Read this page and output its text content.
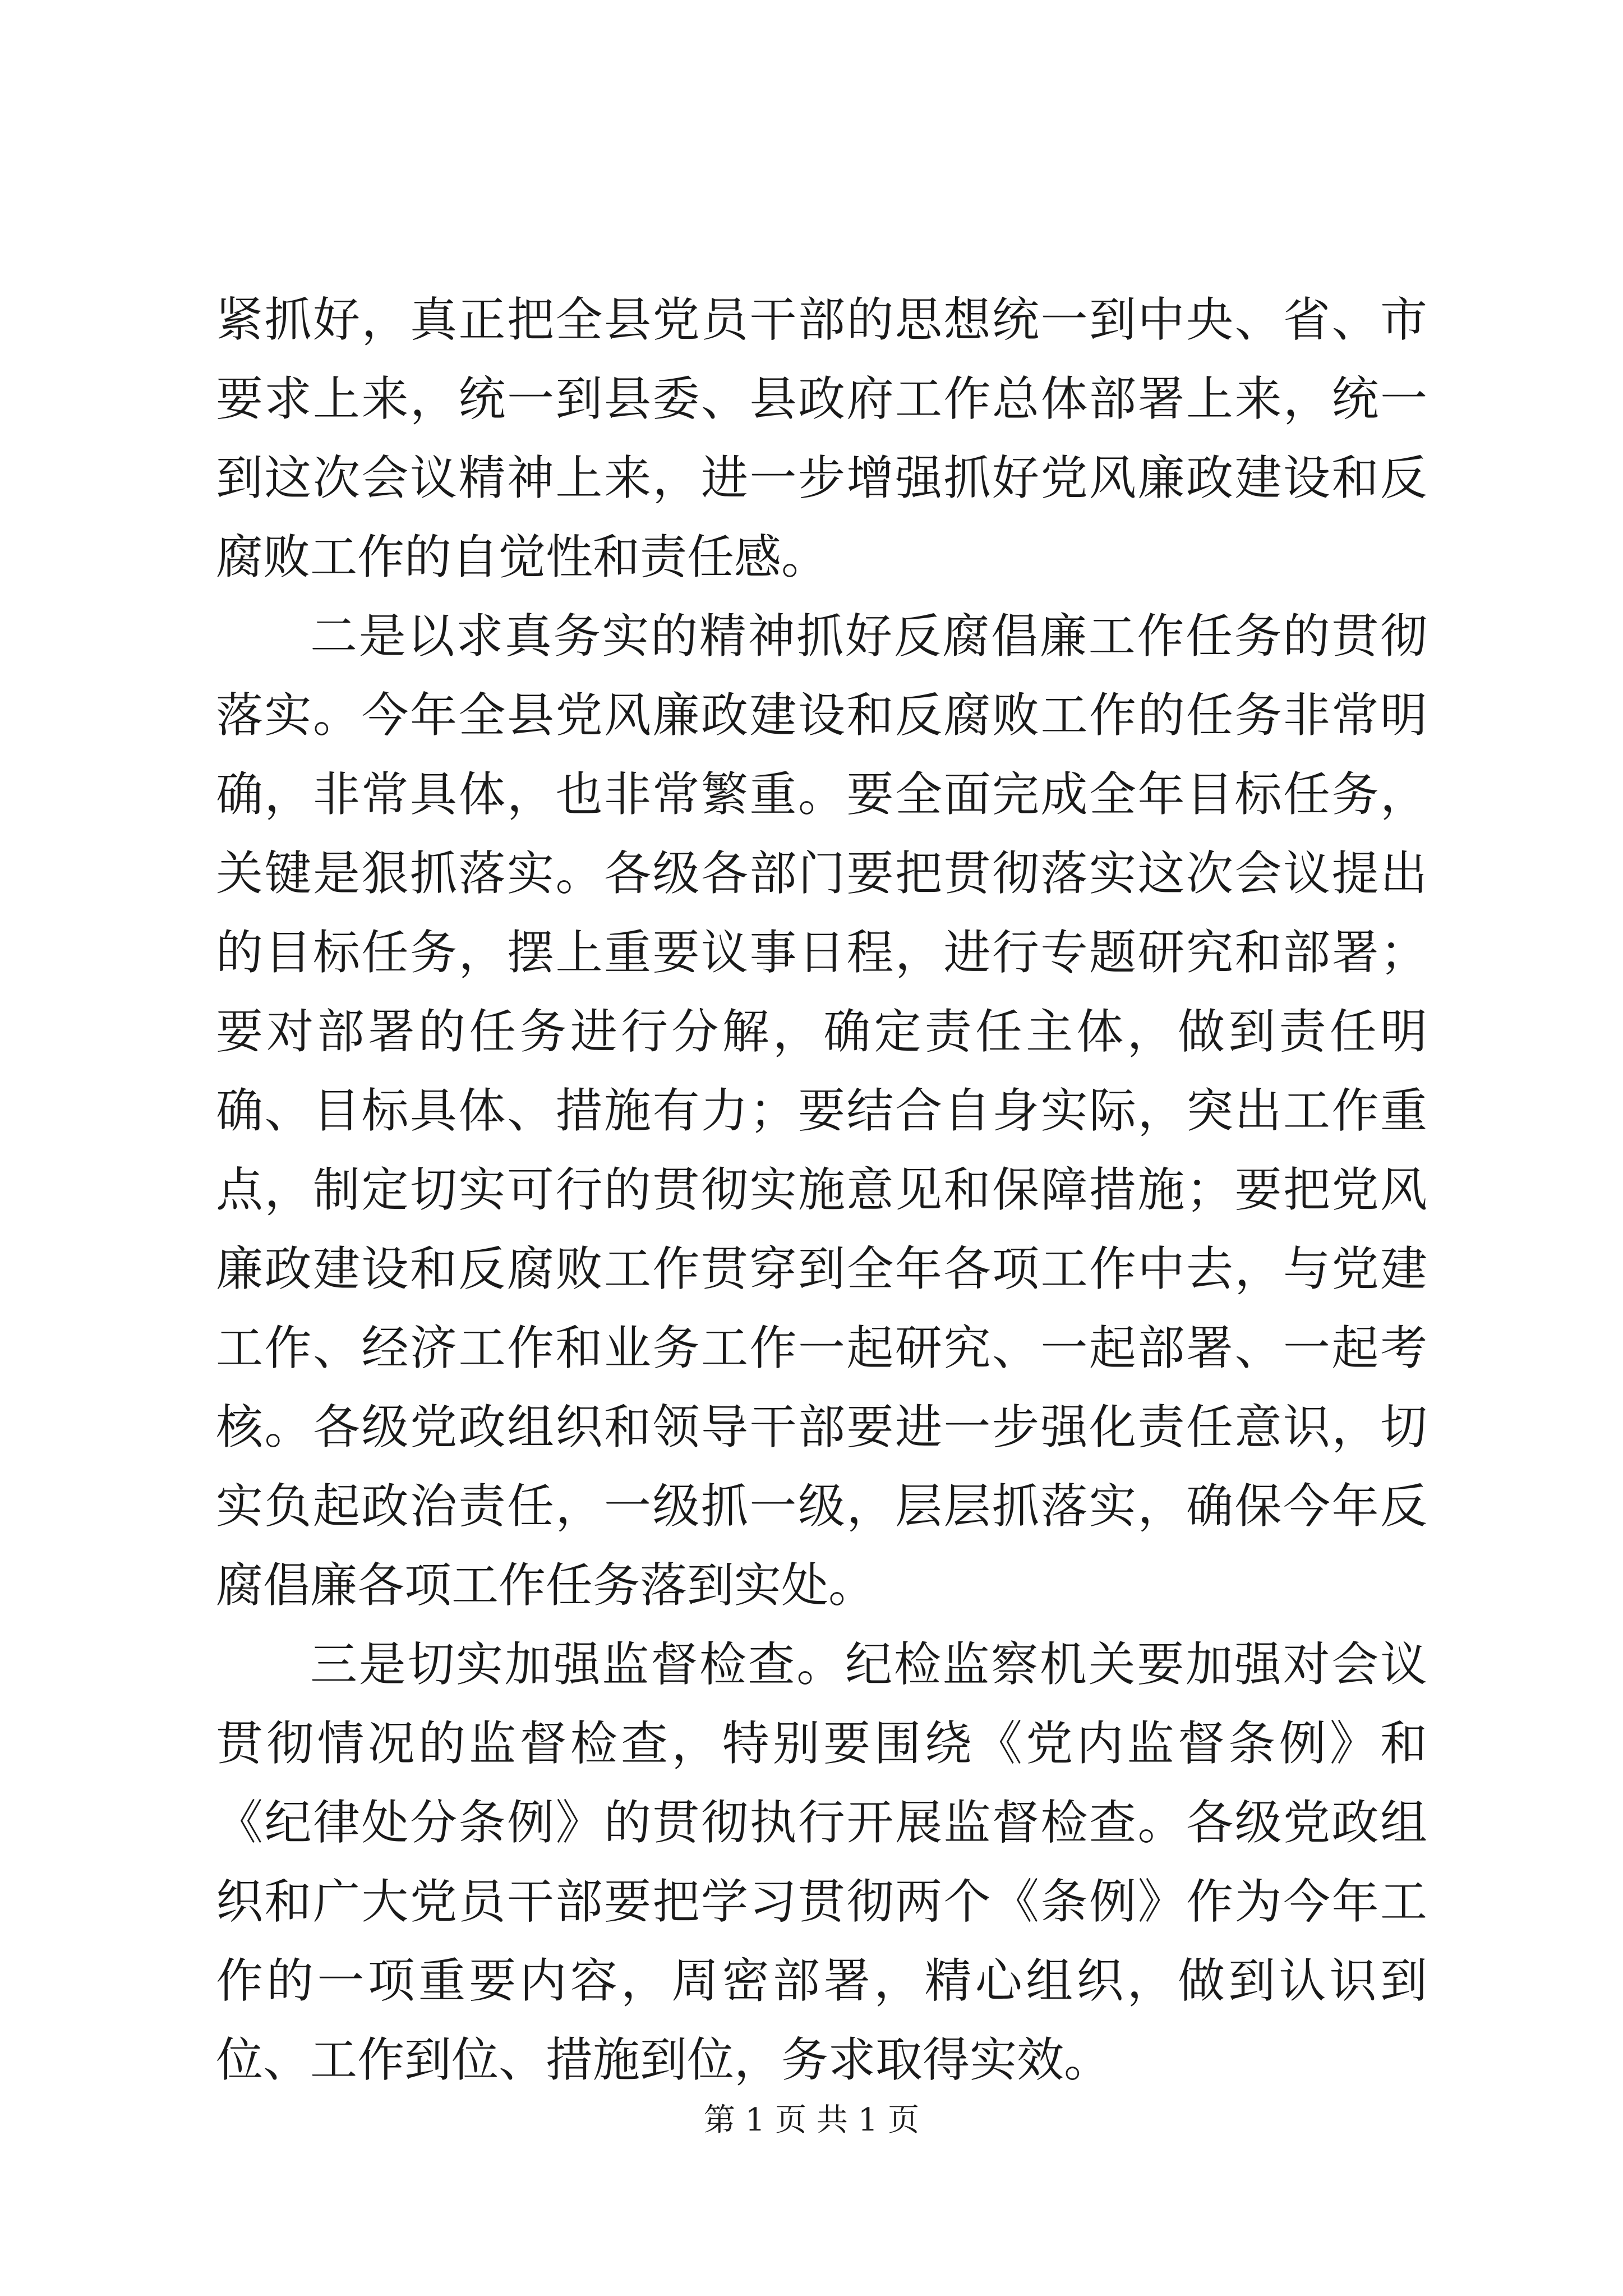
紧抓好，真正把全县党员干部的思想统一到中央、省、市要求上来，统一到县委、县政府工作总体部署上来，统一到这次会议精神上来，进一步增强抓好党风廉政建设和反腐败工作的自觉性和责任感。

二是以求真务实的精神抓好反腐倡廉工作任务的贯彻落实。今年全县党风廉政建设和反腐败工作的任务非常明确，非常具体，也非常繁重。要全面完成全年目标任务，关键是狠抓落实。各级各部门要把贯彻落实这次会议提出的目标任务，摆上重要议事日程，进行专题研究和部署；要对部署的任务进行分解，确定责任主体，做到责任明确、目标具体、措施有力；要结合自身实际，突出工作重点，制定切实可行的贯彻实施意见和保障措施；要把党风廉政建设和反腐败工作贯穿到全年各项工作中去，与党建工作、经济工作和业务工作一起研究、一起部署、一起考核。各级党政组织和领导干部要进一步强化责任意识，切实负起政治责任，一级抓一级，层层抓落实，确保今年反腐倡廉各项工作任务落到实处。

三是切实加强监督检查。纪检监察机关要加强对会议贯彻情况的监督检查，特别要围绕《党内监督条例》和《纪律处分条例》的贯彻执行开展监督检查。各级党政组织和广大党员干部要把学习贯彻两个《条例》作为今年工作的一项重要内容，周密部署，精心组织，做到认识到位、工作到位、措施到位，务求取得实效。

第 1 页 共 1 页
